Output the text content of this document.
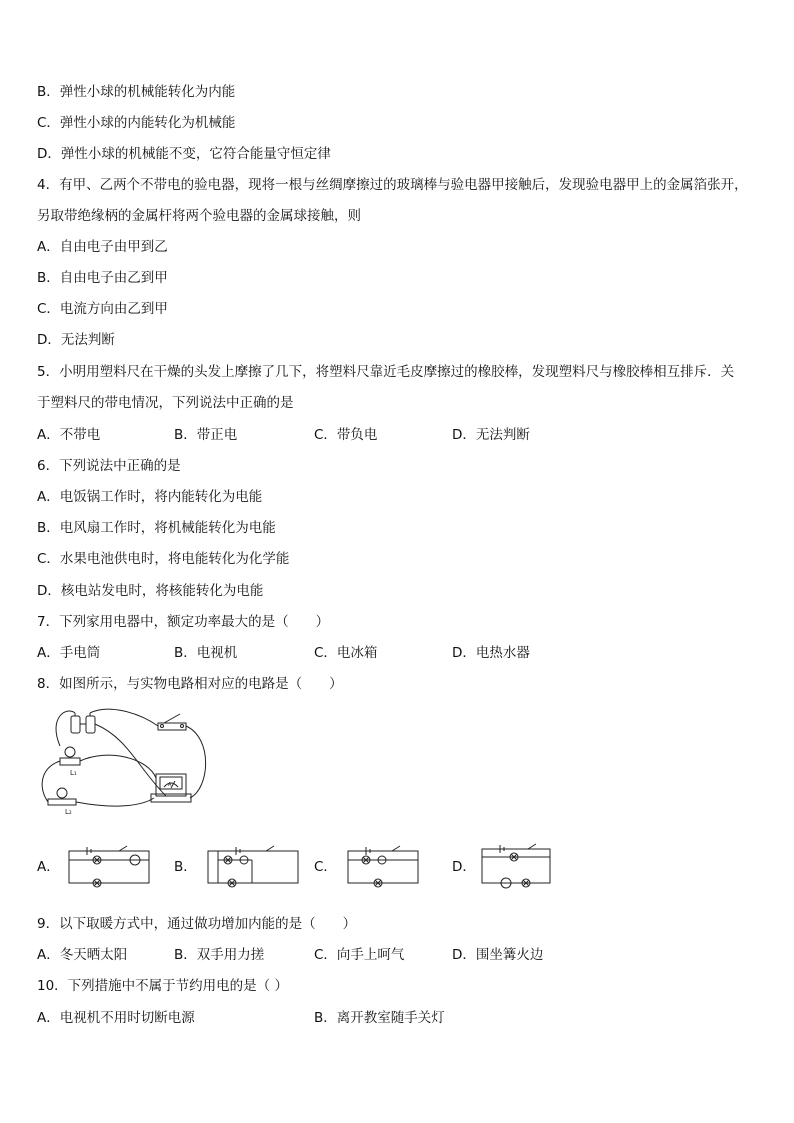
B．弹性小球的机械能转化为内能
C．弹性小球的内能转化为机械能
D．弹性小球的机械能不变，它符合能量守恒定律
4．有甲、乙两个不带电的验电器，现将一根与丝绸摩擦过的玻璃棒与验电器甲接触后，发现验电器甲上的金属箔张开，
另取带绝缘柄的金属杆将两个验电器的金属球接触，则
A．自由电子由甲到乙
B．自由电子由乙到甲
C．电流方向由乙到甲
D．无法判断
5．小明用塑料尺在干燥的头发上摩擦了几下，将塑料尺靠近毛皮摩擦过的橡胶棒，发现塑料尺与橡胶棒相互排斥．关
于塑料尺的带电情况，下列说法中正确的是
A．不带电	B．带正电	C．带负电	D．无法判断
6．下列说法中正确的是
A．电饭锅工作时，将内能转化为电能
B．电风扇工作时，将机械能转化为电能
C．水果电池供电时，将电能转化为化学能
D．核电站发电时，将核能转化为电能
7．下列家用电器中，额定功率最大的是（　　）
A．手电筒	B．电视机	C．电冰箱	D．电热水器
8．如图所示，与实物电路相对应的电路是（　　）
L₁
L₂
A
A．	B．	C．	D．
9．以下取暖方式中，通过做功增加内能的是（　　）
A．冬天晒太阳	B．双手用力搓	C．向手上呵气	D．围坐篝火边
10．下列措施中不属于节约用电的是（ ）
A．电视机不用时切断电源	B．离开教室随手关灯
